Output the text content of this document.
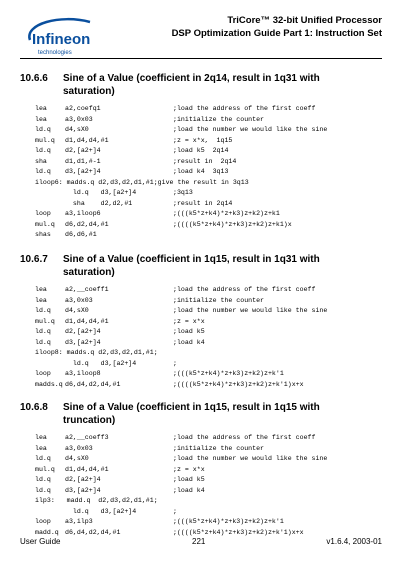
Infineon
technologies
TriCore™ 32-bit Unified Processor
DSP Optimization Guide Part 1: Instruction Set
10.6.6 Sine of a Value (coefficient in 2q14, result in 1q31 with
saturation)
lea	a2,coefq1	;load the address of the first coeff
lea	a3,0x03	;initialize the counter
ld.q d4,sX0	;load the number we would like the sine
mul.q d1,d4,d4,#1	;z = x*x,  1q15
ld.q d2,[a2+]4	;load k5  2q14
sha	d1,d1,#-1	;result in  2q14
ld.q d3,[a2+]4	;load k4  3q13
iloop6: madds.q d2,d3,d2,d1,#1;give the result in 3q13
ld.q   d3,[a2+]4	;3q13
sha    d2,d2,#1	;result in 2q14
loop a3,iloop6	;(((k5*z+k4)*z+k3)z+k2)z+k1
mul.q d6,d2,d4,#1	;((((k5*z+k4)*z+k3)z+k2)z+k1)x
shas d6,d6,#1
10.6.7 Sine of a Value (coefficient in 1q15, result in 1q31 with
saturation)
lea	a2,__coeff1	;load the address of the first coeff
lea	a3,0x03	;initialize the counter
ld.q d4,sX0	;load the number we would like the sine
mul.q d1,d4,d4,#1	;z = x*x
ld.q d2,[a2+]4	;load k5
ld.q d3,[a2+]4	;load k4
iloop8: madds.q d2,d3,d2,d1,#1;
ld.q   d3,[a2+]4	;
loop a3,iloop8	;(((k5*z+k4)*z+k3)z+k2)z+k'1
madds.q d6,d4,d2,d4,#1	;((((k5*z+k4)*z+k3)z+k2)z+k'1)x+x
10.6.8 Sine of a Value (coefficient in 1q15, result in 1q15 with
truncation)
lea	a2,__coeff3	;load the address of the first coeff
lea	a3,0x03	;initialize the counter
ld.q d4,sX0	;load the number we would like the sine
mul.q d1,d4,d4,#1	;z = x*x
ld.q d2,[a2+]4	;load k5
ld.q d3,[a2+]4	;load k4
ilp3:   madd.q  d2,d3,d2,d1,#1;
ld.q   d3,[a2+]4	;
loop a3,ilp3	;(((k5*z+k4)*z+k3)z+k2)z+k'1
madd.q d6,d4,d2,d4,#1	;((((k5*z+k4)*z+k3)z+k2)z+k'1)x+x
User Guide	221	v1.6.4, 2003-01
